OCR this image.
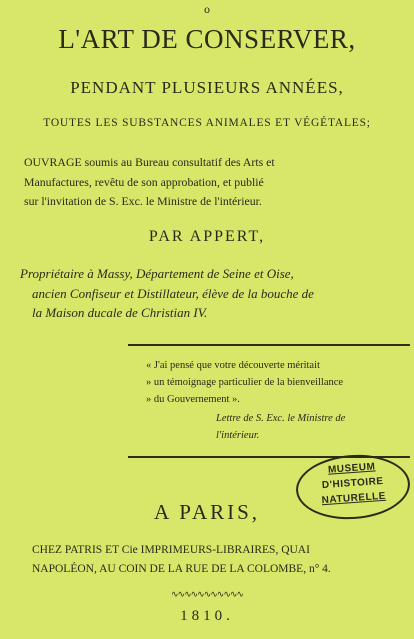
o
L'ART DE CONSERVER,
PENDANT PLUSIEURS ANNÉES,
TOUTES LES SUBSTANCES ANIMALES ET VÉGÉTALES;
OUVRAGE soumis au Bureau consultatif des Arts et
Manufactures, revêtu de son approbation, et publié
sur l'invitation de S. Exc. le Ministre de l'intérieur.
PAR APPERT,
Propriétaire à Massy, Département de Seine et Oise,
ancien Confiseur et Distillateur, élève de la bouche de
la Maison ducale de Christian IV.
« J'ai pensé que votre découverte méritait
» un témoignage particulier de la bienveillance
» du Gouvernement ».
Lettre de S. Exc. le Ministre de
l'intérieur.
MUSEUM
D'HISTOIRE
NATURELLE
A PARIS,
CHEZ PATRIS ET Cie IMPRIMEURS-LIBRAIRES, QUAI
NAPOLÉON, AU COIN DE LA RUE DE LA COLOMBE, n° 4.
∿∿∿∿∿∿∿∿∿∿∿
1810.
